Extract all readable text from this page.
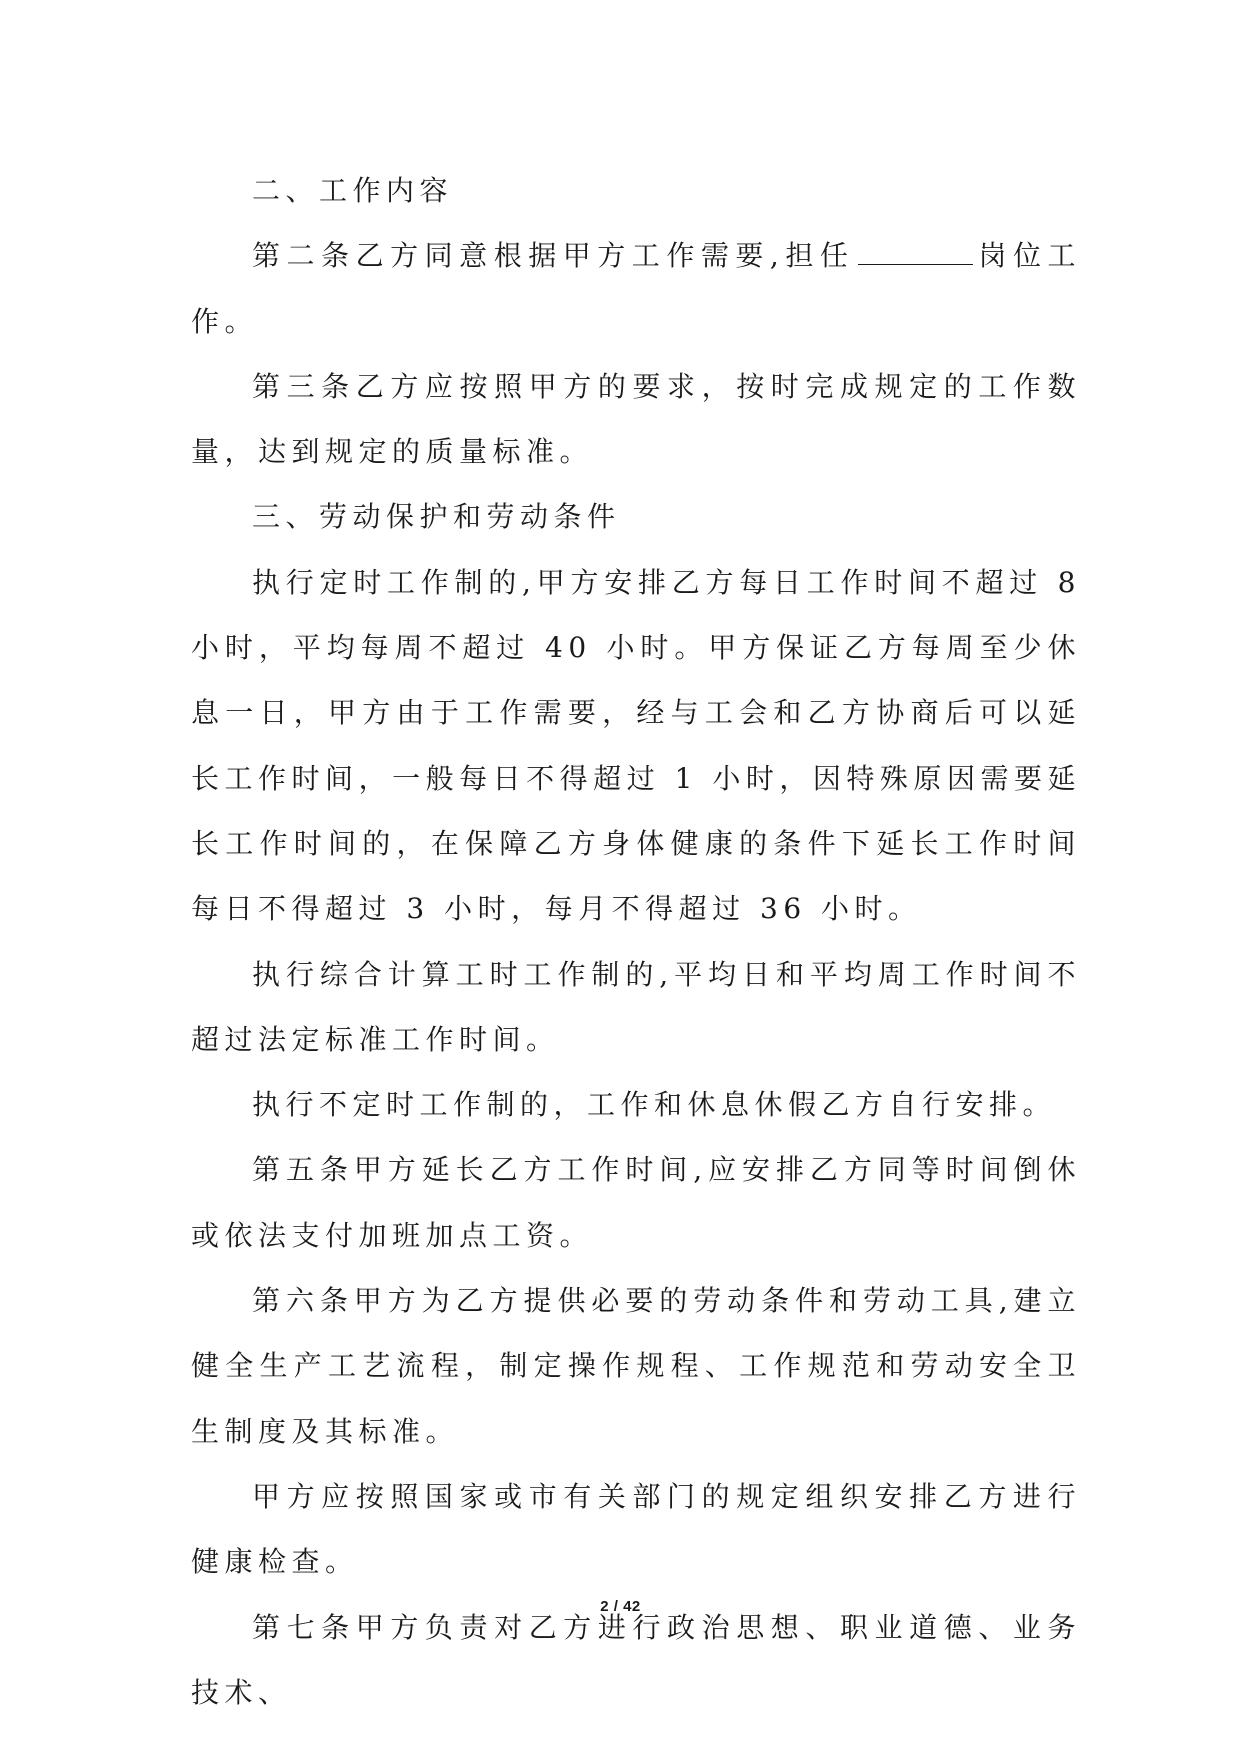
二、工作内容

第二条乙方同意根据甲方工作需要,担任	岗位工作。

第三条乙方应按照甲方的要求，按时完成规定的工作数量，达到规定的质量标准。

三、劳动保护和劳动条件

执行定时工作制的,甲方安排乙方每日工作时间不超过 8 小时，平均每周不超过 40 小时。甲方保证乙方每周至少休息一日，甲方由于工作需要，经与工会和乙方协商后可以延长工作时间，一般每日不得超过 1 小时，因特殊原因需要延长工作时间的，在保障乙方身体健康的条件下延长工作时间每日不得超过 3 小时，每月不得超过 36 小时。

执行综合计算工时工作制的,平均日和平均周工作时间不超过法定标准工作时间。

执行不定时工作制的，工作和休息休假乙方自行安排。

第五条甲方延长乙方工作时间,应安排乙方同等时间倒休或依法支付加班加点工资。

第六条甲方为乙方提供必要的劳动条件和劳动工具,建立健全生产工艺流程，制定操作规程、工作规范和劳动安全卫生制度及其标准。

甲方应按照国家或市有关部门的规定组织安排乙方进行健康检查。

第七条甲方负责对乙方进行政治思想、职业道德、业务技术、

2 / 42
